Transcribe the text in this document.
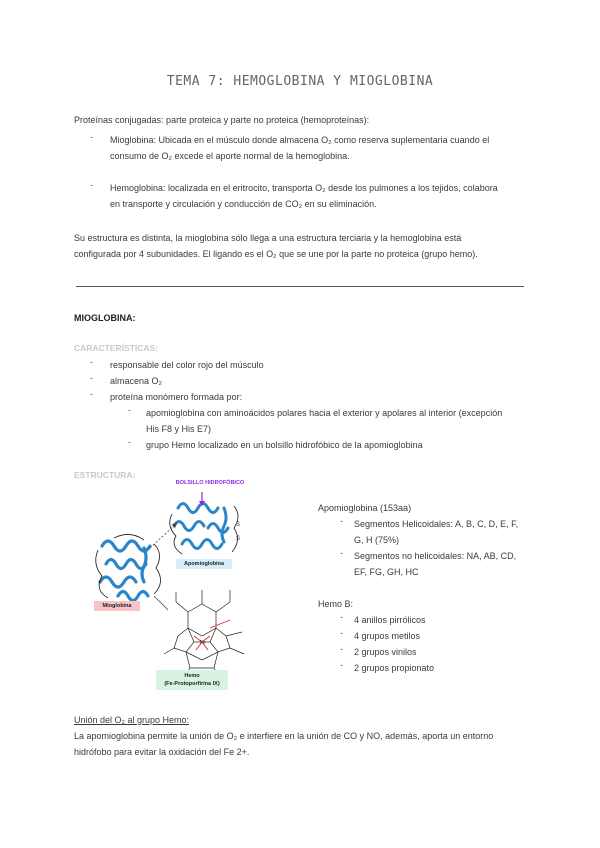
TEMA 7: HEMOGLOBINA Y MIOGLOBINA
Proteínas conjugadas: parte proteica y parte no proteica (hemoproteínas):
- Mioglobina: Ubicada en el músculo donde almacena O₂ como reserva suplementaria cuando el
consumo de O₂ excede el aporte normal de la hemoglobina.
- Hemoglobina: localizada en el eritrocito, transporta O₂ desde los pulmones a los tejidos, colabora
en transporte y circulación y conducción de CO₂ en su eliminación.
Su estructura es distinta, la mioglobina sólo llega a una estructura terciaria y la hemoglobina está
configurada por 4 subunidades. El ligando es el O₂ que se une por la parte no proteica (grupo hemo).
MIOGLOBINA:
CARACTERÍSTICAS:
- responsable del color rojo del músculo
- almacena O₂
- proteína monómero formada por:
- apomioglobina con aminoácidos polares hacia el exterior y apolares al interior (excepción
His F8 y His E7)
- grupo Hemo localizado en un bolsillo hidrofóbico de la apomioglobina
ESTRUCTURA:
Fe
BOLSILLO HIDROFÓBICO
S
S
Apomioglobina
Mioglobina
Hemo
(Fe-Protoporfirina IX)
Apomioglobina (153aa)
- Segmentos Helicoidales: A, B, C, D, E, F,
G, H (75%)
- Segmentos no helicoidales: NA, AB, CD,
EF, FG, GH, HC
Hemo B:
- 4 anillos pirrólicos
- 4 grupos metilos
- 2 grupos vinilos
- 2 grupos propionato
Unión del O₂ al grupo Hemo:
La apomioglobina permite la unión de O₂ e interfiere en la unión de CO y NO, además, aporta un entorno
hidrófobo para evitar la oxidación del Fe 2+.
